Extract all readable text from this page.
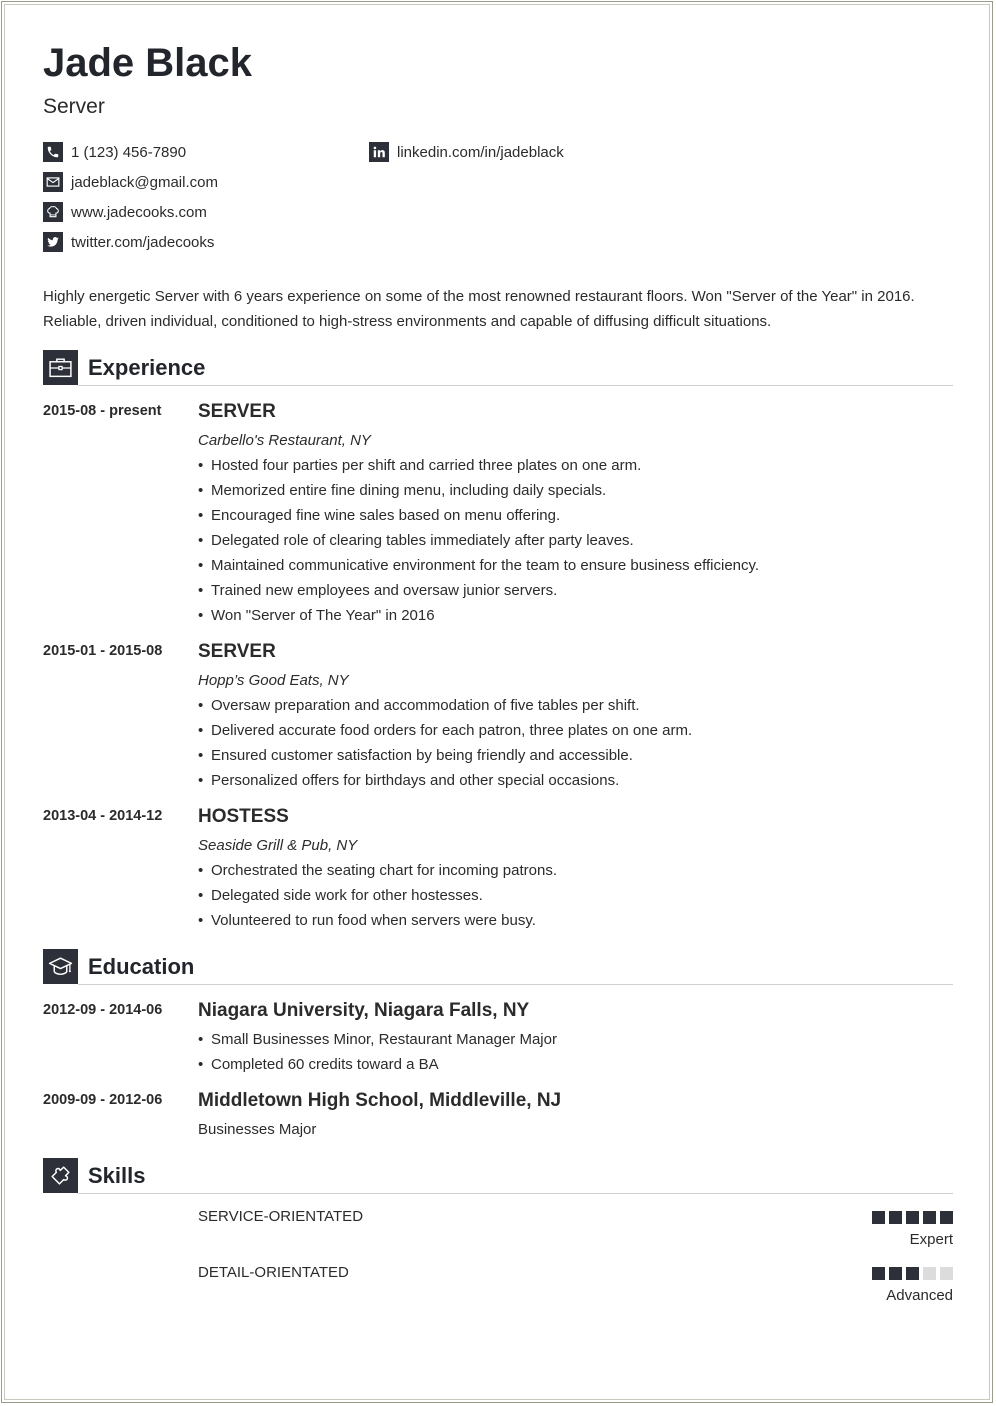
Jade Black
Server
1 (123) 456-7890
jadeblack@gmail.com
www.jadecooks.com
twitter.com/jadecooks
linkedin.com/in/jadeblack

Highly energetic Server with 6 years experience on some of the most renowned restaurant floors. Won "Server of the Year" in 2016. Reliable, driven individual, conditioned to high-stress environments and capable of diffusing difficult situations.

Experience
2015-08 - present SERVER
Carbello's Restaurant, NY
• Hosted four parties per shift and carried three plates on one arm.
• Memorized entire fine dining menu, including daily specials.
• Encouraged fine wine sales based on menu offering.
• Delegated role of clearing tables immediately after party leaves.
• Maintained communicative environment for the team to ensure business efficiency.
• Trained new employees and oversaw junior servers.
• Won "Server of The Year" in 2016
2015-01 - 2015-08 SERVER
Hopp’s Good Eats, NY
• Oversaw preparation and accommodation of five tables per shift.
• Delivered accurate food orders for each patron, three plates on one arm.
• Ensured customer satisfaction by being friendly and accessible.
• Personalized offers for birthdays and other special occasions.
2013-04 - 2014-12 HOSTESS
Seaside Grill & Pub, NY
• Orchestrated the seating chart for incoming patrons.
• Delegated side work for other hostesses.
• Volunteered to run food when servers were busy.
Education
2012-09 - 2014-06 Niagara University, Niagara Falls, NY
• Small Businesses Minor, Restaurant Manager Major
• Completed 60 credits toward a BA
2009-09 - 2012-06 Middletown High School, Middleville, NJ
Businesses Major
Skills
SERVICE-ORIENTATED
Expert
DETAIL-ORIENTATED
Advanced
